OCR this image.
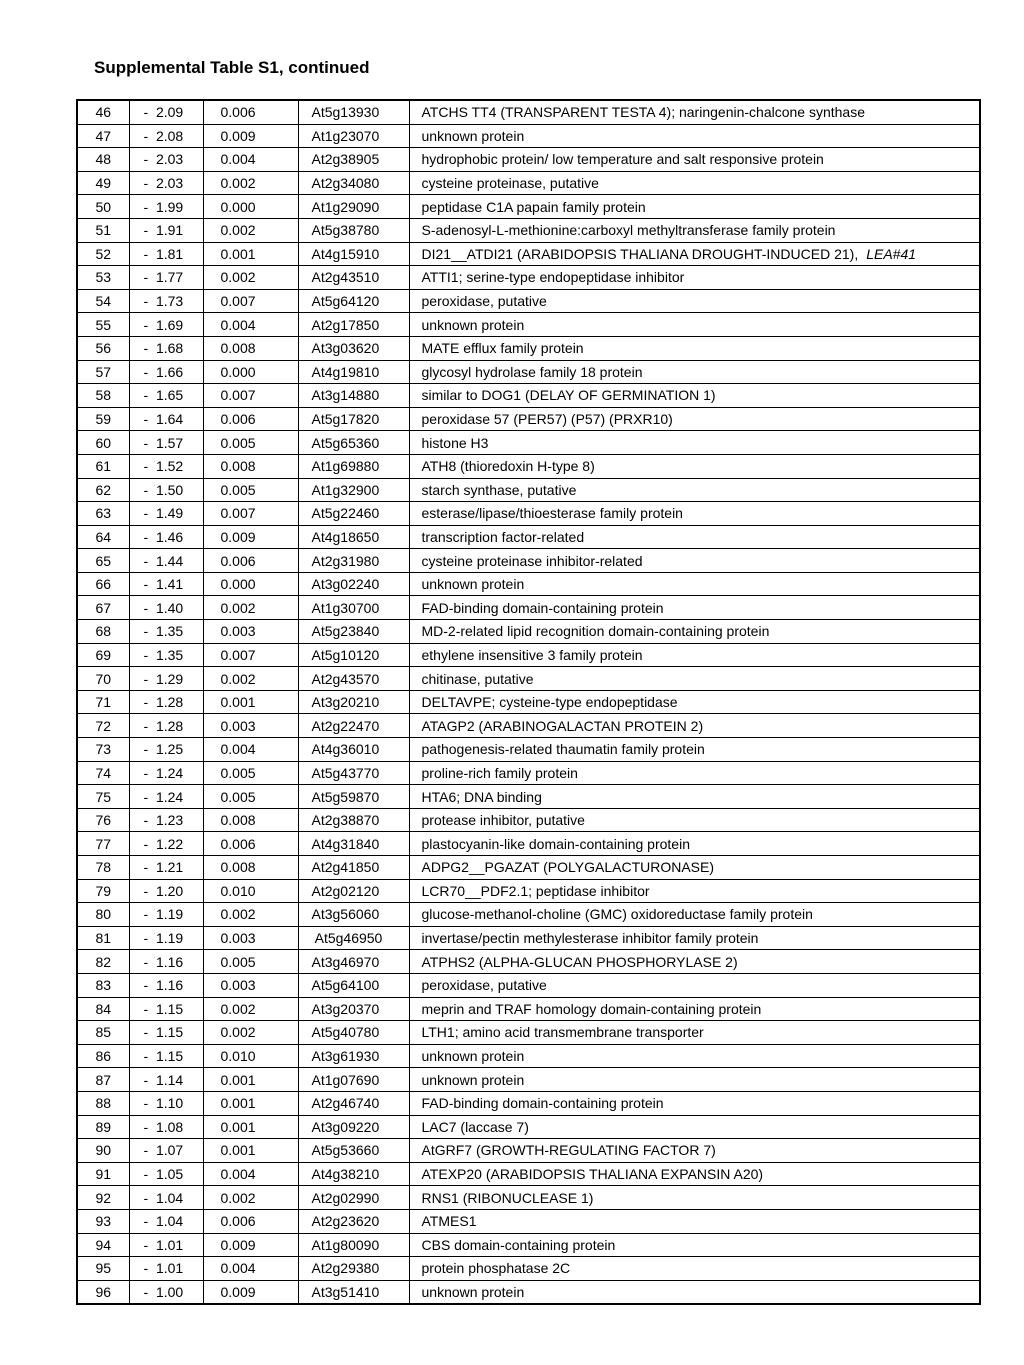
Supplemental Table S1, continued
46	-  2.09	0.006	At5g13930	ATCHS TT4 (TRANSPARENT TESTA 4); naringenin-chalcone synthase
47	-  2.08	0.009	At1g23070	unknown protein
48	-  2.03	0.004	At2g38905	hydrophobic protein/ low temperature and salt responsive protein
49	-  2.03	0.002	At2g34080	cysteine proteinase, putative
50	-  1.99	0.000	At1g29090	peptidase C1A papain family protein
51	-  1.91	0.002	At5g38780	S-adenosyl-L-methionine:carboxyl methyltransferase family protein
52	-  1.81	0.001	At4g15910	DI21__ATDI21 (ARABIDOPSIS THALIANA DROUGHT-INDUCED 21), LEA#41
53	-  1.77	0.002	At2g43510	ATTI1; serine-type endopeptidase inhibitor
54	-  1.73	0.007	At5g64120	peroxidase, putative
55	-  1.69	0.004	At2g17850	unknown protein
56	-  1.68	0.008	At3g03620	MATE efflux family protein
57	-  1.66	0.000	At4g19810	glycosyl hydrolase family 18 protein
58	-  1.65	0.007	At3g14880	similar to DOG1 (DELAY OF GERMINATION 1)
59	-  1.64	0.006	At5g17820	peroxidase 57 (PER57) (P57) (PRXR10)
60	-  1.57	0.005	At5g65360	histone H3
61	-  1.52	0.008	At1g69880	ATH8 (thioredoxin H-type 8)
62	-  1.50	0.005	At1g32900	starch synthase, putative
63	-  1.49	0.007	At5g22460	esterase/lipase/thioesterase family protein
64	-  1.46	0.009	At4g18650	transcription factor-related
65	-  1.44	0.006	At2g31980	cysteine proteinase inhibitor-related
66	-  1.41	0.000	At3g02240	unknown protein
67	-  1.40	0.002	At1g30700	FAD-binding domain-containing protein
68	-  1.35	0.003	At5g23840	MD-2-related lipid recognition domain-containing protein
69	-  1.35	0.007	At5g10120	ethylene insensitive 3 family protein
70	-  1.29	0.002	At2g43570	chitinase, putative
71	-  1.28	0.001	At3g20210	DELTAVPE; cysteine-type endopeptidase
72	-  1.28	0.003	At2g22470	ATAGP2 (ARABINOGALACTAN PROTEIN 2)
73	-  1.25	0.004	At4g36010	pathogenesis-related thaumatin family protein
74	-  1.24	0.005	At5g43770	proline-rich family protein
75	-  1.24	0.005	At5g59870	HTA6; DNA binding
76	-  1.23	0.008	At2g38870	protease inhibitor, putative
77	-  1.22	0.006	At4g31840	plastocyanin-like domain-containing protein
78	-  1.21	0.008	At2g41850	ADPG2__PGAZAT (POLYGALACTURONASE)
79	-  1.20	0.010	At2g02120	LCR70__PDF2.1; peptidase inhibitor
80	-  1.19	0.002	At3g56060	glucose-methanol-choline (GMC) oxidoreductase family protein
81	-  1.19	0.003	At5g46950	invertase/pectin methylesterase inhibitor family protein
82	-  1.16	0.005	At3g46970	ATPHS2 (ALPHA-GLUCAN PHOSPHORYLASE 2)
83	-  1.16	0.003	At5g64100	peroxidase, putative
84	-  1.15	0.002	At3g20370	meprin and TRAF homology domain-containing protein
85	-  1.15	0.002	At5g40780	LTH1; amino acid transmembrane transporter
86	-  1.15	0.010	At3g61930	unknown protein
87	-  1.14	0.001	At1g07690	unknown protein
88	-  1.10	0.001	At2g46740	FAD-binding domain-containing protein
89	-  1.08	0.001	At3g09220	LAC7 (laccase 7)
90	-  1.07	0.001	At5g53660	AtGRF7 (GROWTH-REGULATING FACTOR 7)
91	-  1.05	0.004	At4g38210	ATEXP20 (ARABIDOPSIS THALIANA EXPANSIN A20)
92	-  1.04	0.002	At2g02990	RNS1 (RIBONUCLEASE 1)
93	-  1.04	0.006	At2g23620	ATMES1
94	-  1.01	0.009	At1g80090	CBS domain-containing protein
95	-  1.01	0.004	At2g29380	protein phosphatase 2C
96	-  1.00	0.009	At3g51410	unknown protein
